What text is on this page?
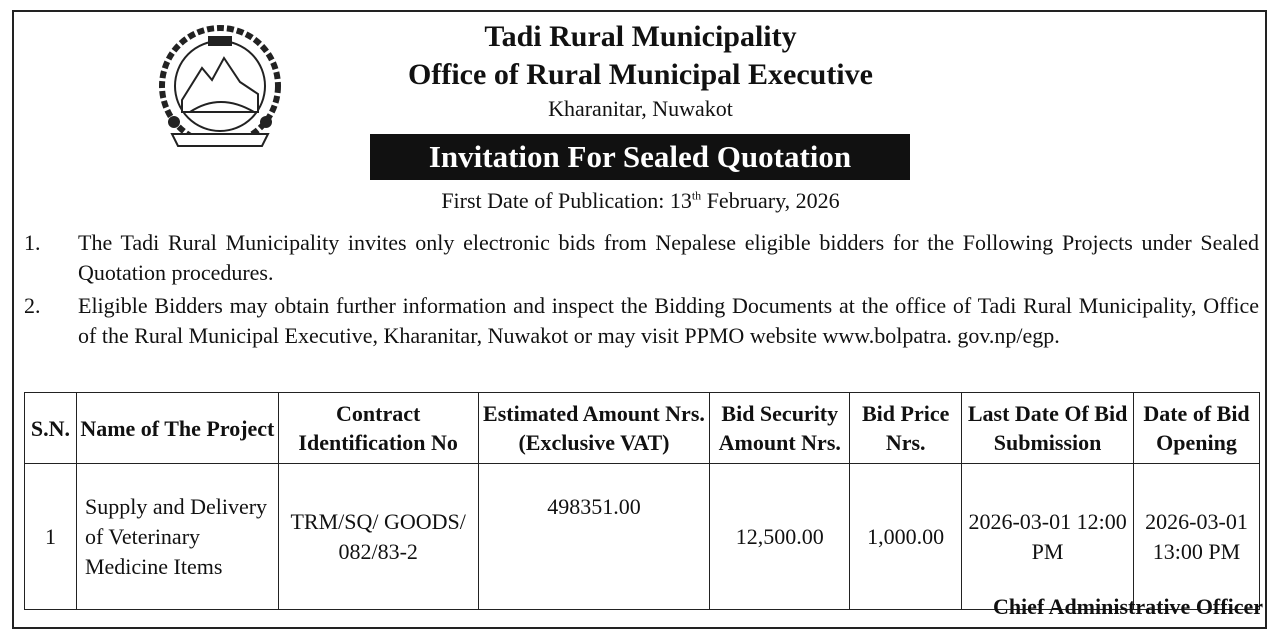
Tadi Rural Municipality
Office of Rural Municipal Executive
Kharanitar, Nuwakot
Invitation For Sealed Quotation
First Date of Publication: 13th February, 2026
1.	The Tadi Rural Municipality invites only electronic bids from Nepalese eligible bidders for the Following Projects under Sealed Quotation procedures.
2.	Eligible Bidders may obtain further information and inspect the Bidding Documents at the office of Tadi Rural Municipality, Office of the Rural Municipal Executive, Kharanitar, Nuwakot or may visit PPMO website www.bolpatra. gov.np/egp.
S.N.	Name of The Project	Contract Identification No	Estimated Amount Nrs.(Exclusive VAT)	Bid Security Amount Nrs.	Bid Price Nrs.	Last Date Of Bid Submission	Date of Bid Opening
1	Supply and Delivery of Veterinary Medicine Items	TRM/SQ/ GOODS/ 082/83-2	498351.00	12,500.00	1,000.00	2026-03-01 12:00 PM	2026-03-01 13:00 PM
Chief Administrative Officer
